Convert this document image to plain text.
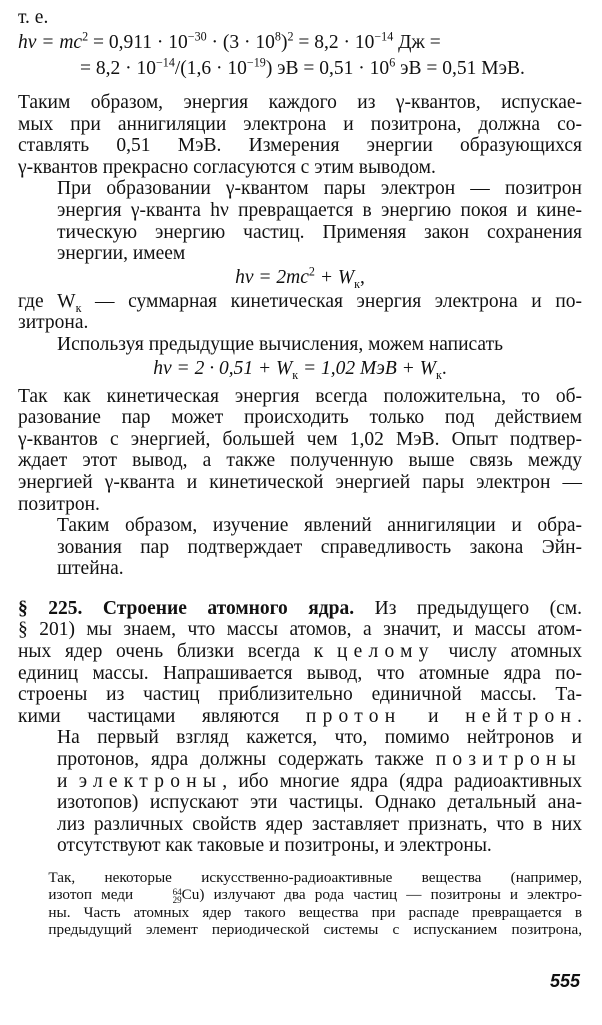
т. е.

$h\nu = mc^2 = 0,911 \cdot 10^{-30} \cdot (3 \cdot 10^8)^2 = 8,2 \cdot 10^{-14}$ Дж =
= $8,2 \cdot 10^{-14}/(1,6 \cdot 10^{-19})$ эВ = $0,51 \cdot 10^6$ эВ = 0,51 МэВ.

Таким образом, энергия каждого из γ-квантов, испускае-
мых при аннигиляции электрона и позитрона, должна со-
ставлять 0,51 МэВ. Измерения энергии образующихся
γ-квантов прекрасно согласуются с этим выводом.

При образовании γ-квантом пары электрон — позитрон
энергия γ-кванта hν превращается в энергию покоя и кине-
тическую энергию частиц. Применяя закон сохранения
энергии, имеем

$h\nu = 2mc^2 + W_к$,

где $W_к$ — суммарная кинетическая энергия электрона и по-
зитрона.

Используя предыдущие вычисления, можем написать

$h\nu = 2 \cdot 0,51 + W_к = 1,02$ МэВ + $W_к$.

Так как кинетическая энергия всегда положительна, то об-
разование пар может происходить только под действием
γ-квантов с энергией, большей чем 1,02 МэВ. Опыт подтвер-
ждает этот вывод, а также полученную выше связь между
энергией γ-кванта и кинетической энергией пары электрон —
позитрон.

Таким образом, изучение явлений аннигиляции и обра-
зования пар подтверждает справедливость закона Эйн-
штейна.

§ 225. Строение атомного ядра. Из предыдущего (см.
§ 201) мы знаем, что массы атомов, а значит, и массы атом-
ных ядер очень близки всегда к целому числу атомных
единиц массы. Напрашивается вывод, что атомные ядра по-
строены из частиц приблизительно единичной массы. Та-
кими частицами являются протон и нейтрон.

На первый взгляд кажется, что, помимо нейтронов и
протонов, ядра должны содержать также позитроны
и электроны, ибо многие ядра (ядра радиоактивных
изотопов) испускают эти частицы. Однако детальный ана-
лиз различных свойств ядер заставляет признать, что в них
отсутствуют как таковые и позитроны, и электроны.

Так, некоторые искусственно-радиоактивные вещества (например,
изотоп меди	64
29 Cu) излучают два рода частиц — позитроны и электро-
ны. Часть атомных ядер такого вещества при распаде превращается в
предыдущий элемент периодической системы с испусканием позитрона,

555
